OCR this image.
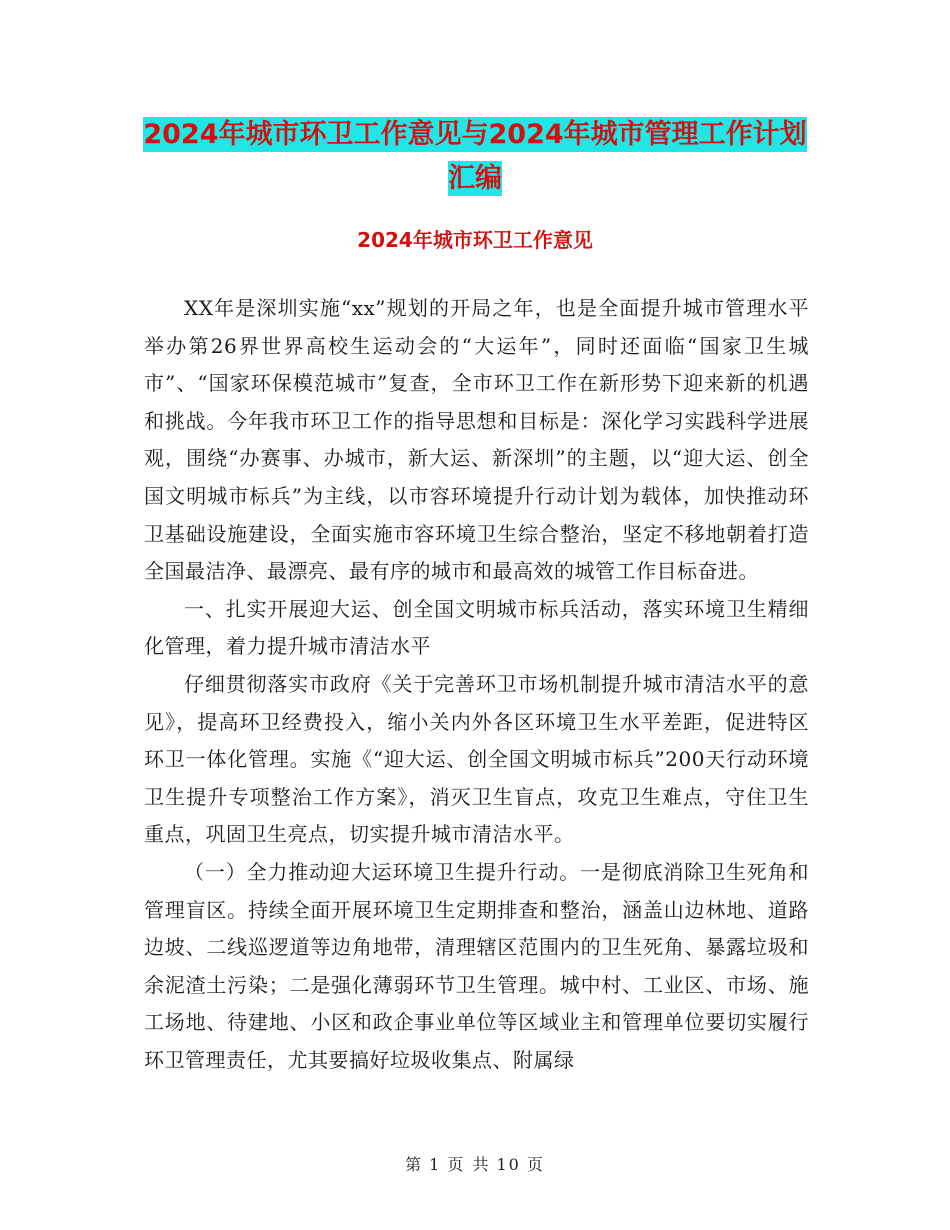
2024年城市环卫工作意见与2024年城市管理工作计划
汇编
2024年城市环卫工作意见

XX年是深圳实施“xx”规划的开局之年，也是全面提升城市管理水平举办第26界世界高校生运动会的“大运年”，同时还面临“国家卫生城市”、“国家环保模范城市”复查，全市环卫工作在新形势下迎来新的机遇和挑战。今年我市环卫工作的指导思想和目标是：深化学习实践科学进展观，围绕“办赛事、办城市，新大运、新深圳”的主题，以“迎大运、创全国文明城市标兵”为主线，以市容环境提升行动计划为载体，加快推动环卫基础设施建设，全面实施市容环境卫生综合整治，坚定不移地朝着打造全国最洁净、最漂亮、最有序的城市和最高效的城管工作目标奋进。

一、扎实开展迎大运、创全国文明城市标兵活动，落实环境卫生精细化管理，着力提升城市清洁水平

仔细贯彻落实市政府《关于完善环卫市场机制提升城市清洁水平的意见》，提高环卫经费投入，缩小关内外各区环境卫生水平差距，促进特区环卫一体化管理。实施《“迎大运、创全国文明城市标兵”200天行动环境卫生提升专项整治工作方案》，消灭卫生盲点，攻克卫生难点，守住卫生重点，巩固卫生亮点，切实提升城市清洁水平。

（一）全力推动迎大运环境卫生提升行动。一是彻底消除卫生死角和管理盲区。持续全面开展环境卫生定期排查和整治，涵盖山边林地、道路边坡、二线巡逻道等边角地带，清理辖区范围内的卫生死角、暴露垃圾和余泥渣土污染；二是强化薄弱环节卫生管理。城中村、工业区、市场、施工场地、待建地、小区和政企事业单位等区域业主和管理单位要切实履行环卫管理责任，尤其要搞好垃圾收集点、附属绿

第 1 页 共 10 页
